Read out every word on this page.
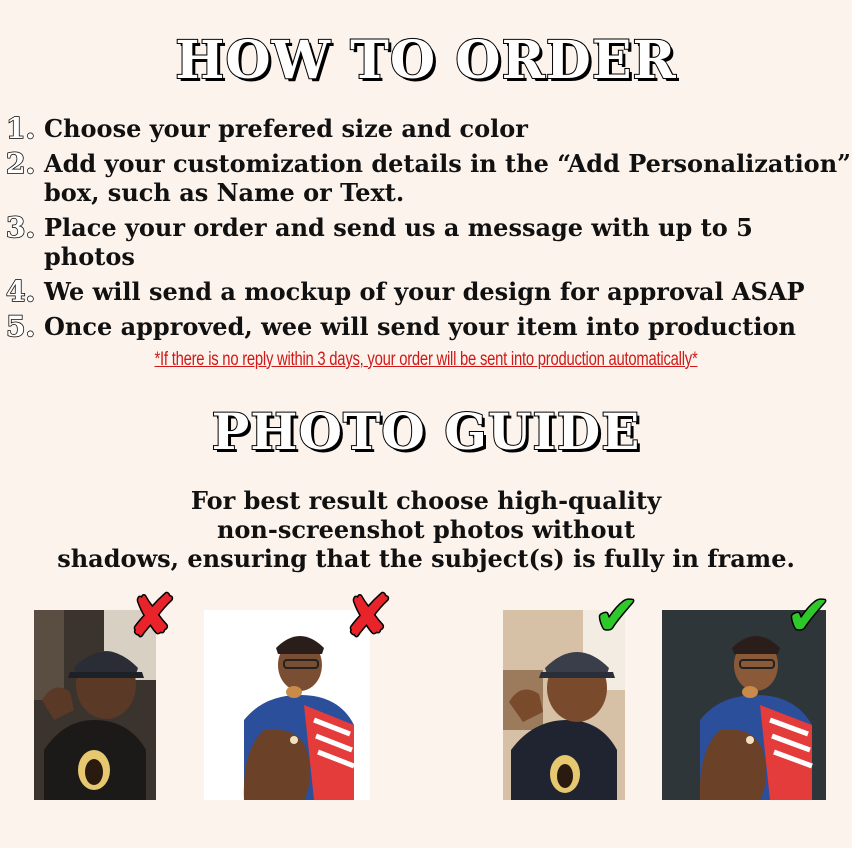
HOW TO ORDER
1. Choose your prefered size and color
2. Add your customization details in the “Add Personalization” box, such as Name or Text.
3. Place your order and send us a message with up to 5 photos
4. We will send a mockup of your design for approval ASAP
5. Once approved, wee will send your item into production
*If there is no reply within 3 days, your order will be sent into production automatically*
PHOTO GUIDE
For best result choose high-quality
non-screenshot photos without
shadows, ensuring that the subject(s) is fully in frame.
✘	✘	✔	✔
